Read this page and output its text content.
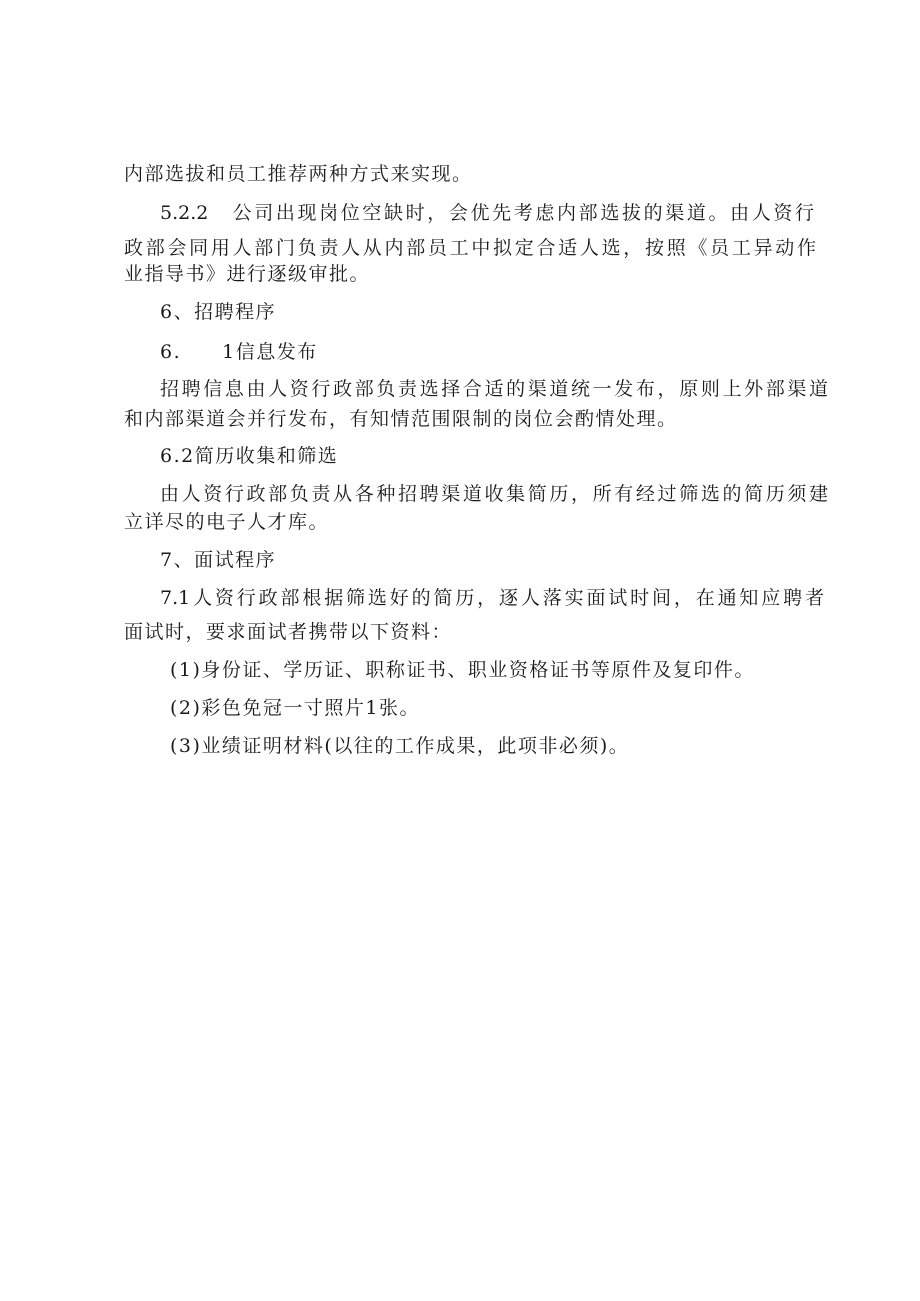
内部选拔和员工推荐两种方式来实现。
5.2.2　公司出现岗位空缺时，会优先考虑内部选拔的渠道。由人资行
政部会同用人部门负责人从内部员工中拟定合适人选，按照《员工异动作
业指导书》进行逐级审批。
6、招聘程序
6.　　1信息发布
招聘信息由人资行政部负责选择合适的渠道统一发布，原则上外部渠道
和内部渠道会并行发布，有知情范围限制的岗位会酌情处理。
6.2简历收集和筛选
由人资行政部负责从各种招聘渠道收集简历，所有经过筛选的简历须建
立详尽的电子人才库。
7、面试程序
7.1人资行政部根据筛选好的简历，逐人落实面试时间，在通知应聘者
面试时，要求面试者携带以下资料：
(1)身份证、学历证、职称证书、职业资格证书等原件及复印件。
(2)彩色免冠一寸照片1张。
(3)业绩证明材料(以往的工作成果，此项非必须)。
